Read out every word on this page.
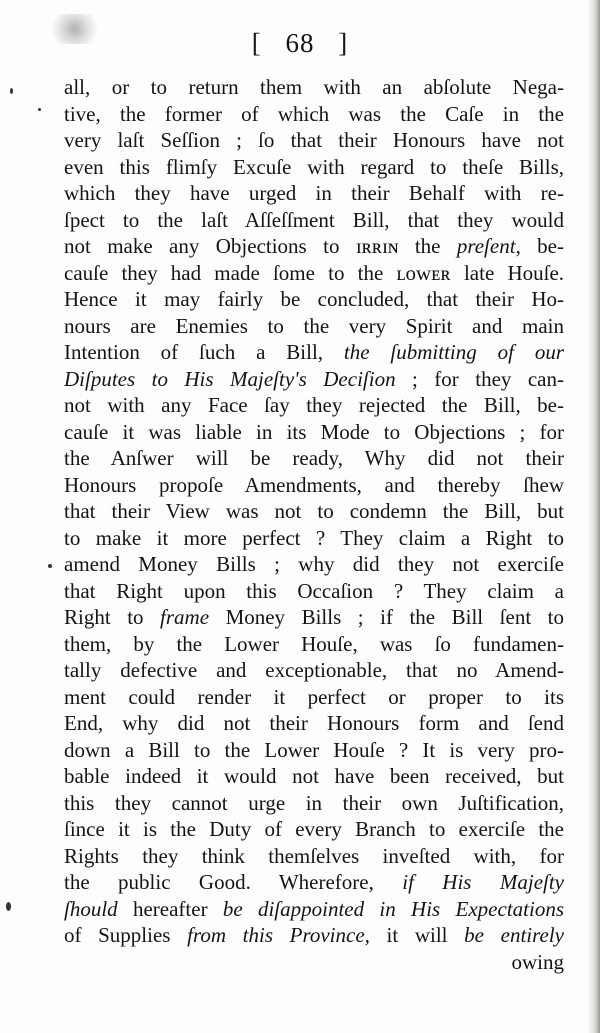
[ 68 ]
all, or to return them with an abſolute Nega-
tive, the former of which was the Caſe in the
very laſt Seſſion ; ſo that their Honours have not
even this flimſy Excuſe with regard to theſe Bills,
which they have urged in their Behalf with re-
ſpect to the laſt Aſſeſſment Bill, that they would
not make any Objections to ɪʀʀɪɴ the preſent, be-
cauſe they had made ſome to the ʟᴏᴡᴇʀ late Houſe.
Hence it may fairly be concluded, that their Ho-
nours are Enemies to the very Spirit and main
Intention of ſuch a Bill, the ſubmitting of our
Diſputes to His Majeſty's Deciſion ; for they can-
not with any Face ſay they rejected the Bill, be-
cauſe it was liable in its Mode to Objections ; for
the Anſwer will be ready, Why did not their
Honours propoſe Amendments, and thereby ſhew
that their View was not to condemn the Bill, but
to make it more perfect ? They claim a Right to
amend Money Bills ; why did they not exerciſe
that Right upon this Occaſion ? They claim a
Right to frame Money Bills ; if the Bill ſent to
them, by the Lower Houſe, was ſo fundamen-
tally defective and exceptionable, that no Amend-
ment could render it perfect or proper to its
End, why did not their Honours form and ſend
down a Bill to the Lower Houſe ? It is very pro-
bable indeed it would not have been received, but
this they cannot urge in their own Juſtification,
ſince it is the Duty of every Branch to exerciſe the
Rights they think themſelves inveſted with, for
the public Good. Wherefore, if His Majeſty
ſhould hereafter be diſappointed in His Expectations
of Supplies from this Province, it will be entirely
owing
